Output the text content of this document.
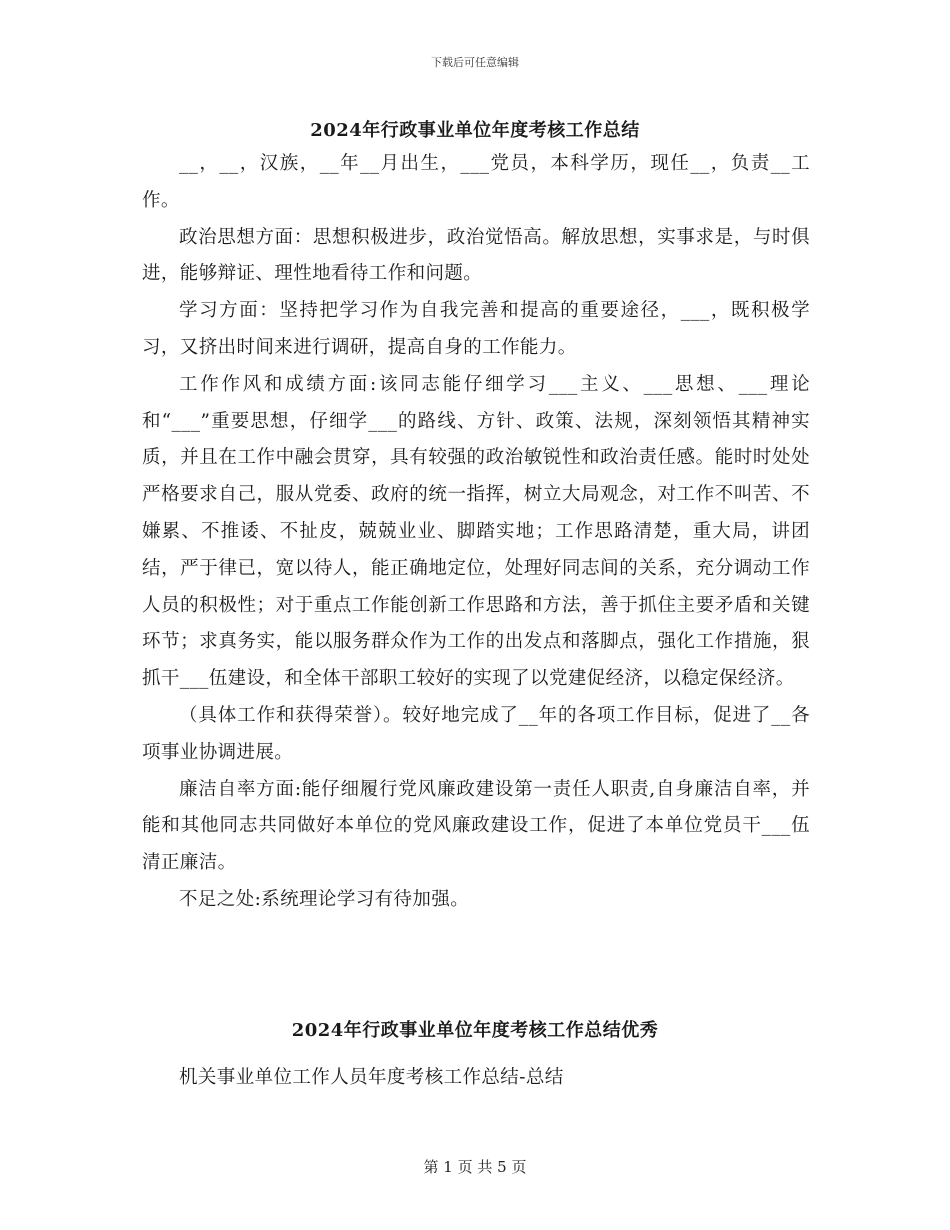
下载后可任意编辑
2024年行政事业单位年度考核工作总结

__，__，汉族，__年__月出生，___党员，本科学历，现任__，负责__工作。

政治思想方面：思想积极进步，政治觉悟高。解放思想，实事求是，与时俱进，能够辩证、理性地看待工作和问题。

学习方面：坚持把学习作为自我完善和提高的重要途径，___，既积极学习，又挤出时间来进行调研，提高自身的工作能力。

工作作风和成绩方面:该同志能仔细学习___主义、___思想、___理论和“___”重要思想，仔细学___的路线、方针、政策、法规，深刻领悟其精神实质，并且在工作中融会贯穿，具有较强的政治敏锐性和政治责任感。能时时处处严格要求自己，服从党委、政府的统一指挥，树立大局观念，对工作不叫苦、不嫌累、不推诿、不扯皮，兢兢业业、脚踏实地；工作思路清楚，重大局，讲团结，严于律已，宽以待人，能正确地定位，处理好同志间的关系，充分调动工作人员的积极性；对于重点工作能创新工作思路和方法，善于抓住主要矛盾和关键环节；求真务实，能以服务群众作为工作的出发点和落脚点，强化工作措施，狠抓干___伍建设，和全体干部职工较好的实现了以党建促经济，以稳定保经济。

（具体工作和获得荣誉）。较好地完成了__年的各项工作目标，促进了__各项事业协调进展。

廉洁自率方面:能仔细履行党风廉政建设第一责任人职责,自身廉洁自率，并能和其他同志共同做好本单位的党风廉政建设工作，促进了本单位党员干___伍清正廉洁。

不足之处:系统理论学习有待加强。

2024年行政事业单位年度考核工作总结优秀
机关事业单位工作人员年度考核工作总结-总结
第 1 页 共 5 页
